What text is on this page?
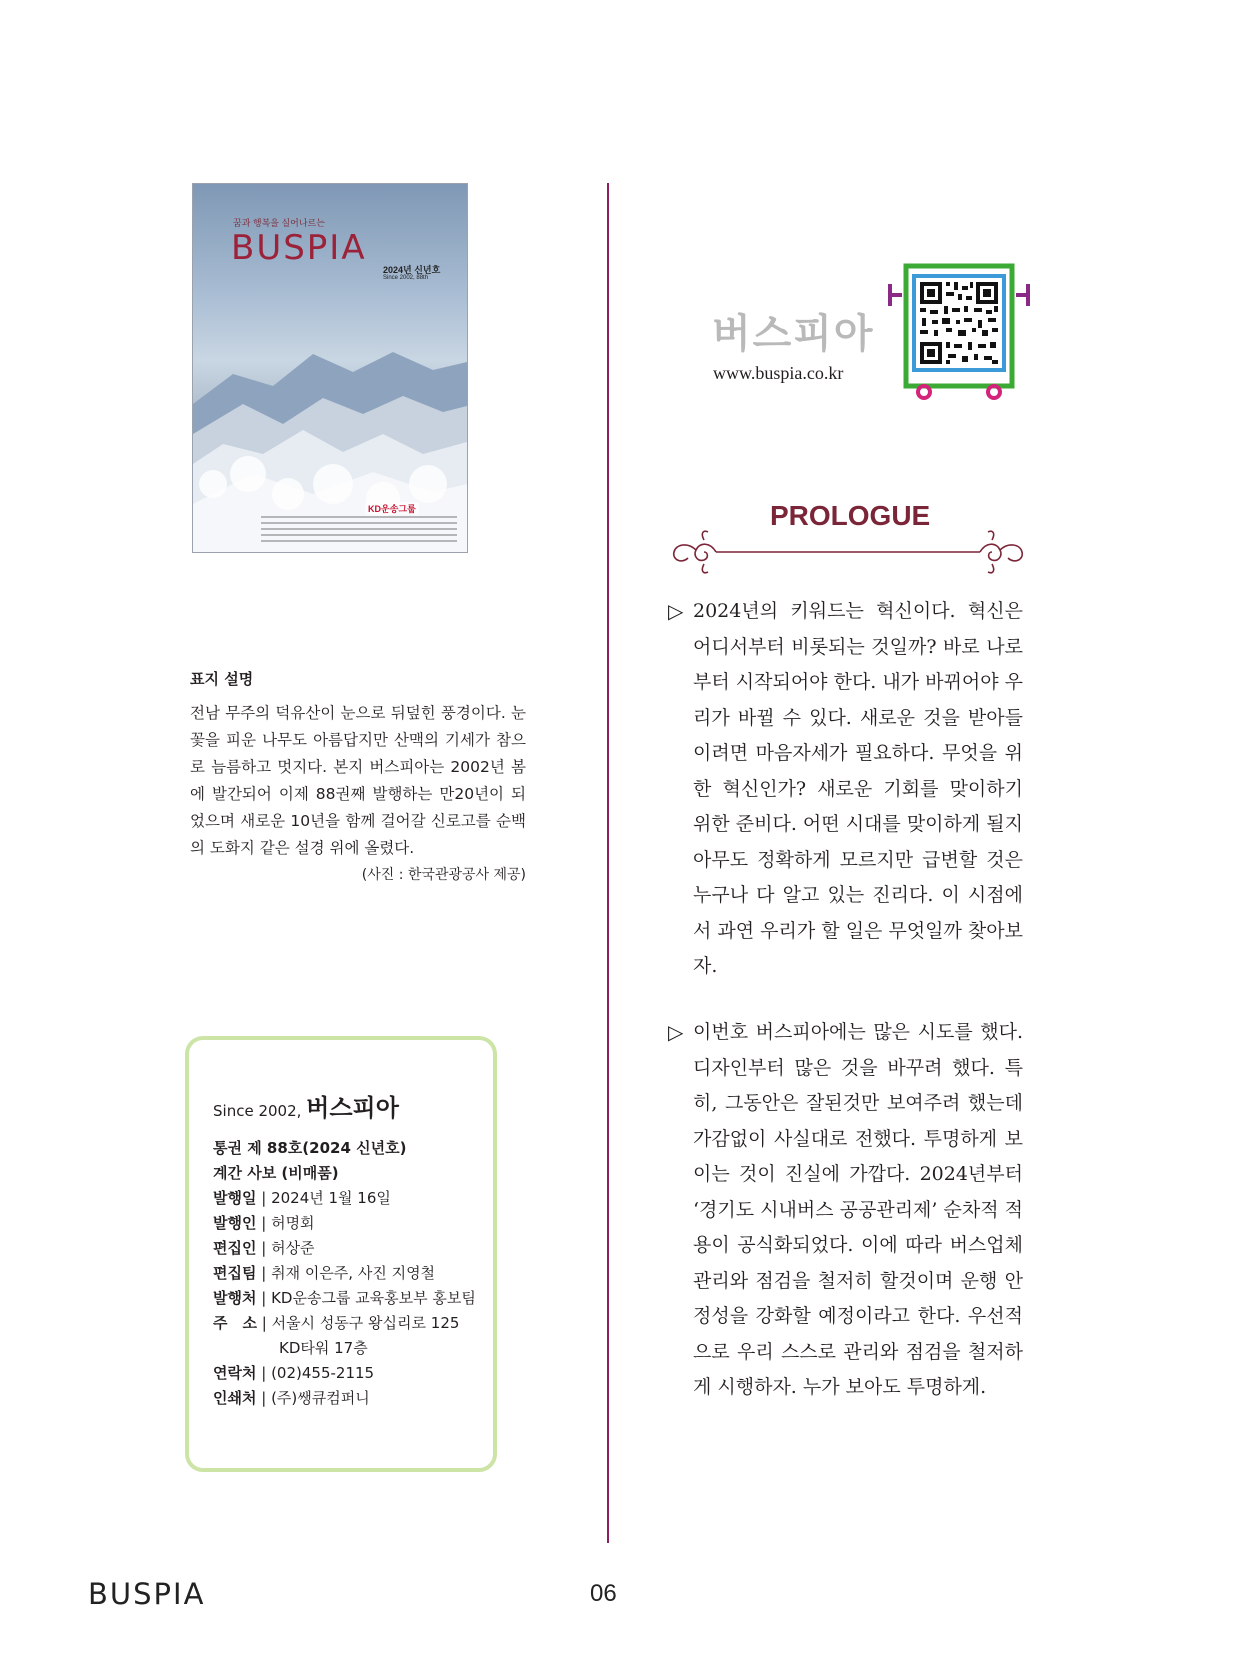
꿈과 행복을 실어나르는
BUSPIA
2024년 신년호
Since 2002, 88th
KD운송그룹
표지 설명
전남 무주의 덕유산이 눈으로 뒤덮힌 풍경이다. 눈꽃을 피운 나무도 아름답지만 산맥의 기세가 참으로 늠름하고 멋지다. 본지 버스피아는 2002년 봄에 발간되어 이제 88권째 발행하는 만20년이 되었으며 새로운 10년을 함께 걸어갈 신로고를 순백의 도화지 같은 설경 위에 올렸다.
(사진 : 한국관광공사 제공)
Since 2002, 버스피아
통권 제 88호(2024 신년호)
계간 사보 (비매품)
발행일 | 2024년 1월 16일
발행인 | 허명회
편집인 | 허상준
편집팀 | 취재 이은주, 사진 지영철
발행처 | KD운송그룹 교육홍보부 홍보팀
주　소 | 서울시 성동구 왕십리로 125
KD타워 17층
연락처 | (02)455-2115
인쇄처 | (주)쌩큐컴퍼니
버스피아
www.buspia.co.kr
PROLOGUE
▷ 2024년의 키워드는 혁신이다. 혁신은 어디서부터 비롯되는 것일까? 바로 나로부터 시작되어야 한다. 내가 바뀌어야 우리가 바뀔 수 있다. 새로운 것을 받아들이려면 마음자세가 필요하다. 무엇을 위한 혁신인가? 새로운 기회를 맞이하기 위한 준비다. 어떤 시대를 맞이하게 될지 아무도 정확하게 모르지만 급변할 것은 누구나 다 알고 있는 진리다. 이 시점에서 과연 우리가 할 일은 무엇일까 찾아보자.
▷ 이번호 버스피아에는 많은 시도를 했다. 디자인부터 많은 것을 바꾸려 했다. 특히, 그동안은 잘된것만 보여주려 했는데 가감없이 사실대로 전했다. 투명하게 보이는 것이 진실에 가깝다. 2024년부터 ‘경기도 시내버스 공공관리제’ 순차적 적용이 공식화되었다. 이에 따라 버스업체 관리와 점검을 철저히 할것이며 운행 안정성을 강화할 예정이라고 한다. 우선적으로 우리 스스로 관리와 점검을 철저하게 시행하자. 누가 보아도 투명하게.
BUSPIA	06
